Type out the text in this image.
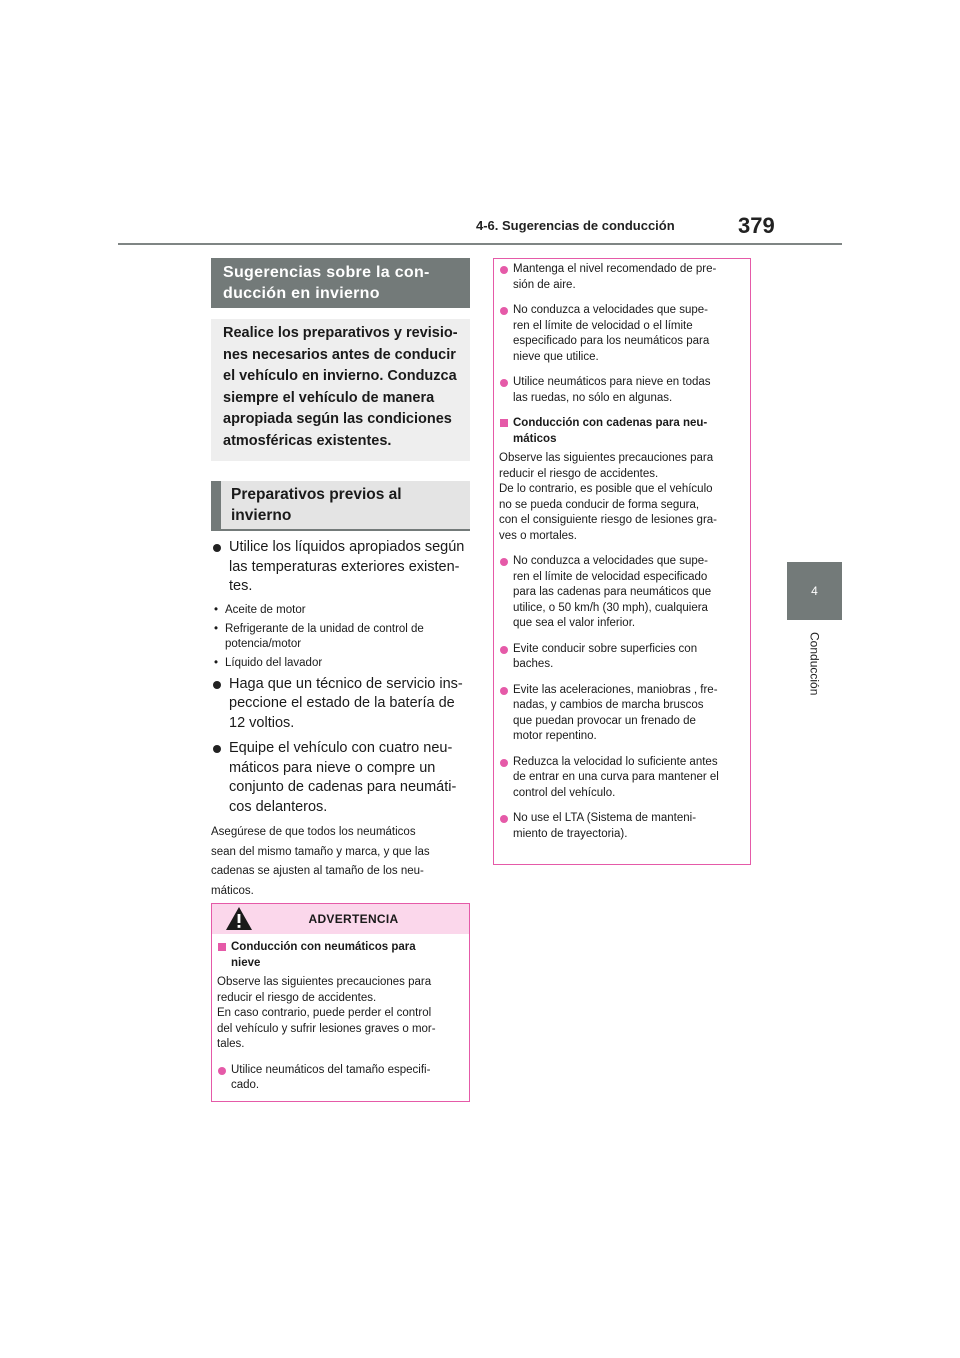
4-6. Sugerencias de conducción	379
4
Conducción
Sugerencias sobre la con-
ducción en invierno
Realice los preparativos y revisio-
nes necesarios antes de conducir
el vehículo en invierno. Conduzca
siempre el vehículo de manera
apropiada según las condiciones
atmosféricas existentes.
Preparativos previos al
invierno
Utilice los líquidos apropiados según
las temperaturas exteriores existen-
tes.
• Aceite de motor
• Refrigerante de la unidad de control de potencia/motor
• Líquido del lavador
Haga que un técnico de servicio ins-
peccione el estado de la batería de
12 voltios.
Equipe el vehículo con cuatro neu-
máticos para nieve o compre un
conjunto de cadenas para neumáti-
cos delanteros.
Asegúrese de que todos los neumáticos
sean del mismo tamaño y marca, y que las
cadenas se ajusten al tamaño de los neu-
máticos.
ADVERTENCIA
Conducción con neumáticos para
nieve
Observe las siguientes precauciones para
reducir el riesgo de accidentes.
En caso contrario, puede perder el control
del vehículo y sufrir lesiones graves o mor-
tales.
Utilice neumáticos del tamaño especifi-
cado.
Mantenga el nivel recomendado de pre-
sión de aire.
No conduzca a velocidades que supe-
ren el límite de velocidad o el límite
especificado para los neumáticos para
nieve que utilice.
Utilice neumáticos para nieve en todas
las ruedas, no sólo en algunas.
Conducción con cadenas para neu-
máticos
Observe las siguientes precauciones para
reducir el riesgo de accidentes.
De lo contrario, es posible que el vehículo
no se pueda conducir de forma segura,
con el consiguiente riesgo de lesiones gra-
ves o mortales.
No conduzca a velocidades que supe-
ren el límite de velocidad especificado
para las cadenas para neumáticos que
utilice, o 50 km/h (30 mph), cualquiera
que sea el valor inferior.
Evite conducir sobre superficies con
baches.
Evite las aceleraciones, maniobras , fre-
nadas, y cambios de marcha bruscos
que puedan provocar un frenado de
motor repentino.
Reduzca la velocidad lo suficiente antes
de entrar en una curva para mantener el
control del vehículo.
No use el LTA (Sistema de manteni-
miento de trayectoria).
